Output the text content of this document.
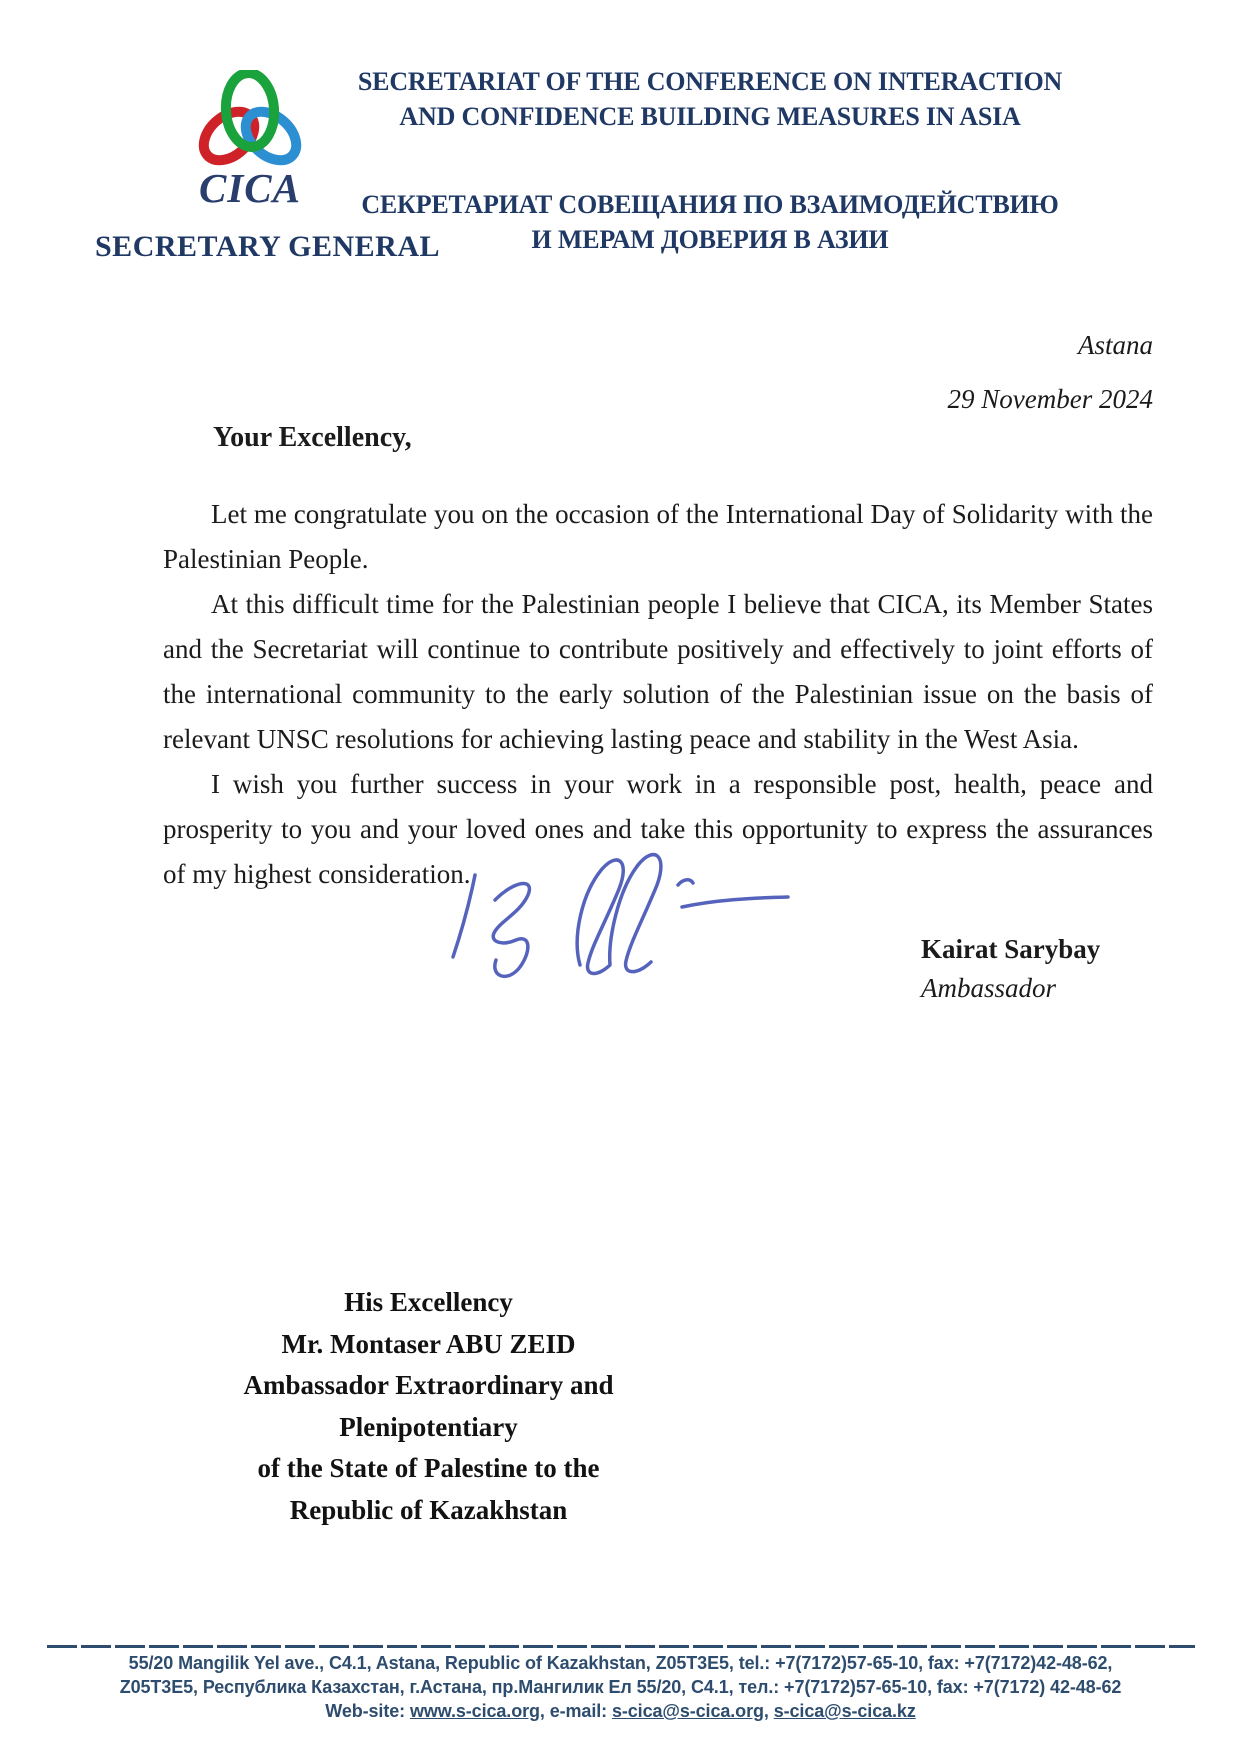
CICA
SECRETARY GENERAL
SECRETARIAT OF THE CONFERENCE ON INTERACTION
AND CONFIDENCE BUILDING MEASURES IN ASIA
СЕКРЕТАРИАТ СОВЕЩАНИЯ ПО ВЗАИМОДЕЙСТВИЮ
И МЕРАМ ДОВЕРИЯ В АЗИИ
Astana
29 November 2024
Your Excellency,

Let me congratulate you on the occasion of the International Day of Solidarity with the Palestinian People.

At this difficult time for the Palestinian people I believe that CICA, its Member States and the Secretariat will continue to contribute positively and effectively to joint efforts of the international community to the early solution of the Palestinian issue on the basis of relevant UNSC resolutions for achieving lasting peace and stability in the West Asia.

I wish you further success in your work in a responsible post, health, peace and prosperity to you and your loved ones and take this opportunity to express the assurances of my highest consideration.

Kairat Sarybay
Ambassador
His Excellency
Mr. Montaser ABU ZEID
Ambassador Extraordinary and
Plenipotentiary
of the State of Palestine to the
Republic of Kazakhstan
55/20 Mangilik Yel ave., C4.1, Astana, Republic of Kazakhstan, Z05T3E5, tel.: +7(7172)57-65-10, fax: +7(7172)42-48-62,
Z05T3E5, Республика Казахстан, г.Астана, пр.Мангилик Ел 55/20, С4.1, тел.: +7(7172)57-65-10, fax: +7(7172) 42-48-62
Web-site: www.s-cica.org, e-mail: s-cica@s-cica.org, s-cica@s-cica.kz
